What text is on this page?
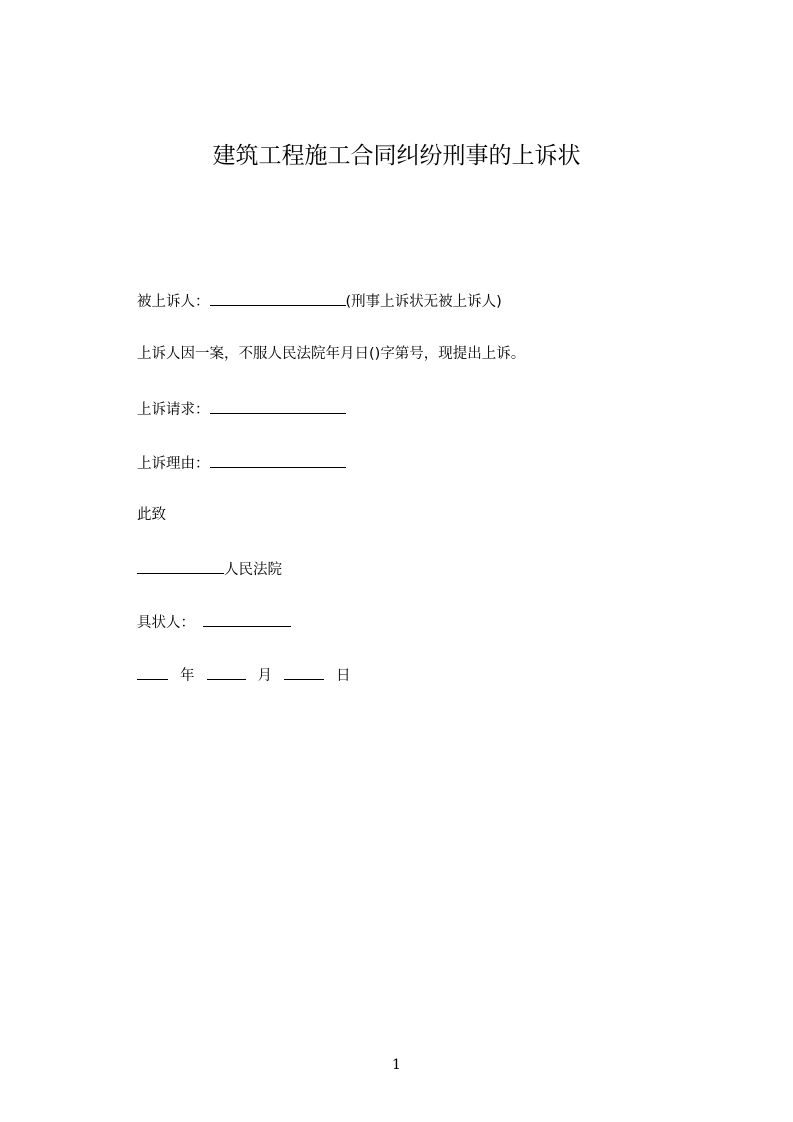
建筑工程施工合同纠纷刑事的上诉状
被上诉人：	(刑事上诉状无被上诉人)
上诉人因一案，不服人民法院年月日()字第号，现提出上诉。
上诉请求：
上诉理由：
此致
人民法院
具状人：
年	月	日
1
